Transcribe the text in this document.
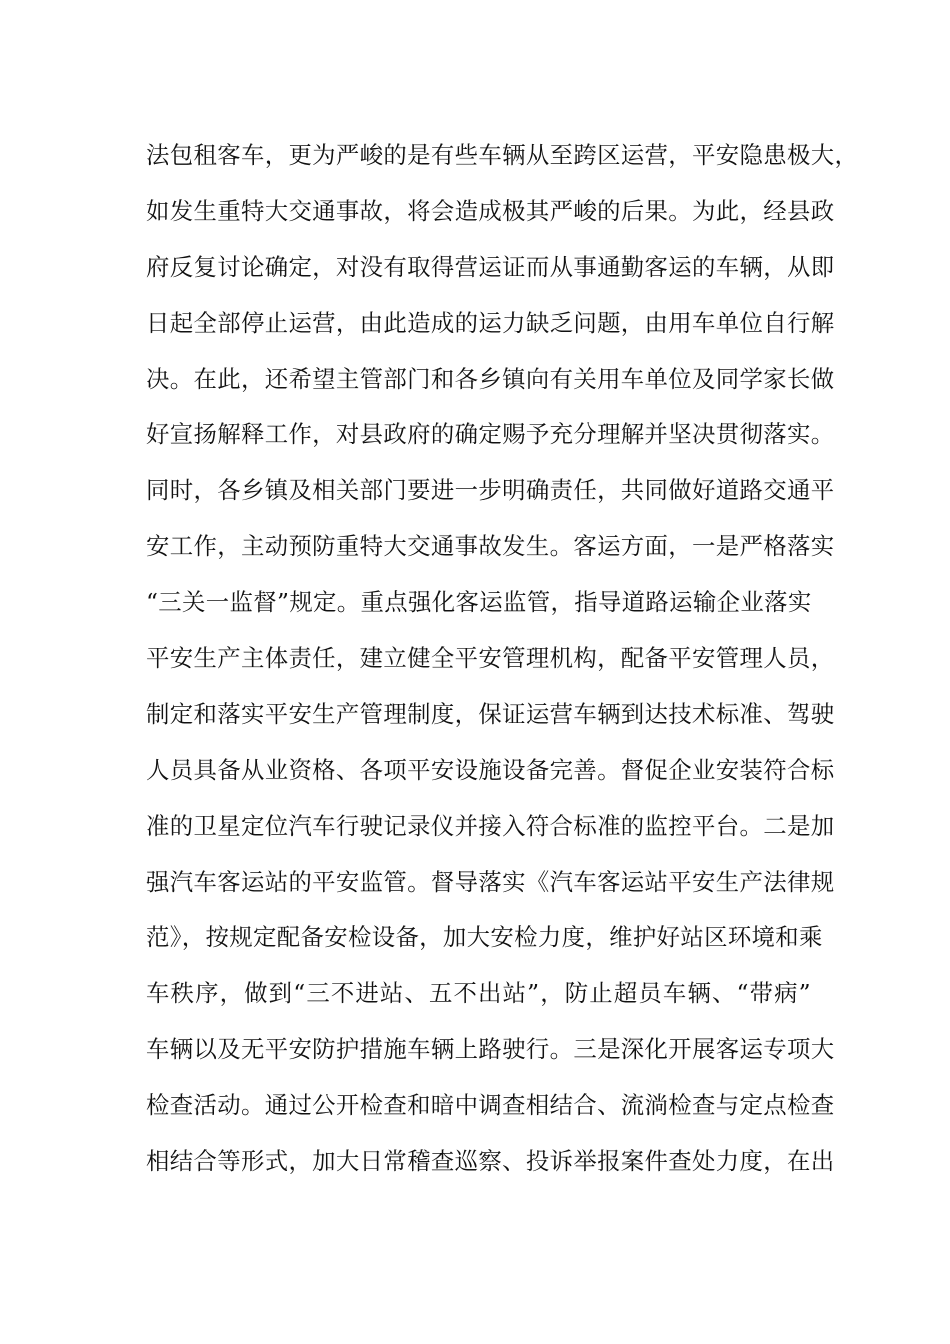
法包租客车，更为严峻的是有些车辆从至跨区运营，平安隐患极大，
如发生重特大交通事故，将会造成极其严峻的后果。为此，经县政
府反复讨论确定，对没有取得营运证而从事通勤客运的车辆，从即
日起全部停止运营，由此造成的运力缺乏问题，由用车单位自行解
决。在此，还希望主管部门和各乡镇向有关用车单位及同学家长做
好宣扬解释工作，对县政府的确定赐予充分理解并坚决贯彻落实。
同时，各乡镇及相关部门要进一步明确责任，共同做好道路交通平
安工作，主动预防重特大交通事故发生。客运方面，一是严格落实
“三关一监督”规定。重点强化客运监管，指导道路运输企业落实
平安生产主体责任，建立健全平安管理机构，配备平安管理人员，
制定和落实平安生产管理制度，保证运营车辆到达技术标准、驾驶
人员具备从业资格、各项平安设施设备完善。督促企业安装符合标
准的卫星定位汽车行驶记录仪并接入符合标准的监控平台。二是加
强汽车客运站的平安监管。督导落实《汽车客运站平安生产法律规
范》，按规定配备安检设备，加大安检力度，维护好站区环境和乘
车秩序，做到“三不进站、五不出站”，防止超员车辆、“带病”
车辆以及无平安防护措施车辆上路驶行。三是深化开展客运专项大
检查活动。通过公开检查和暗中调查相结合、流淌检查与定点检查
相结合等形式，加大日常稽查巡察、投诉举报案件查处力度，在出
